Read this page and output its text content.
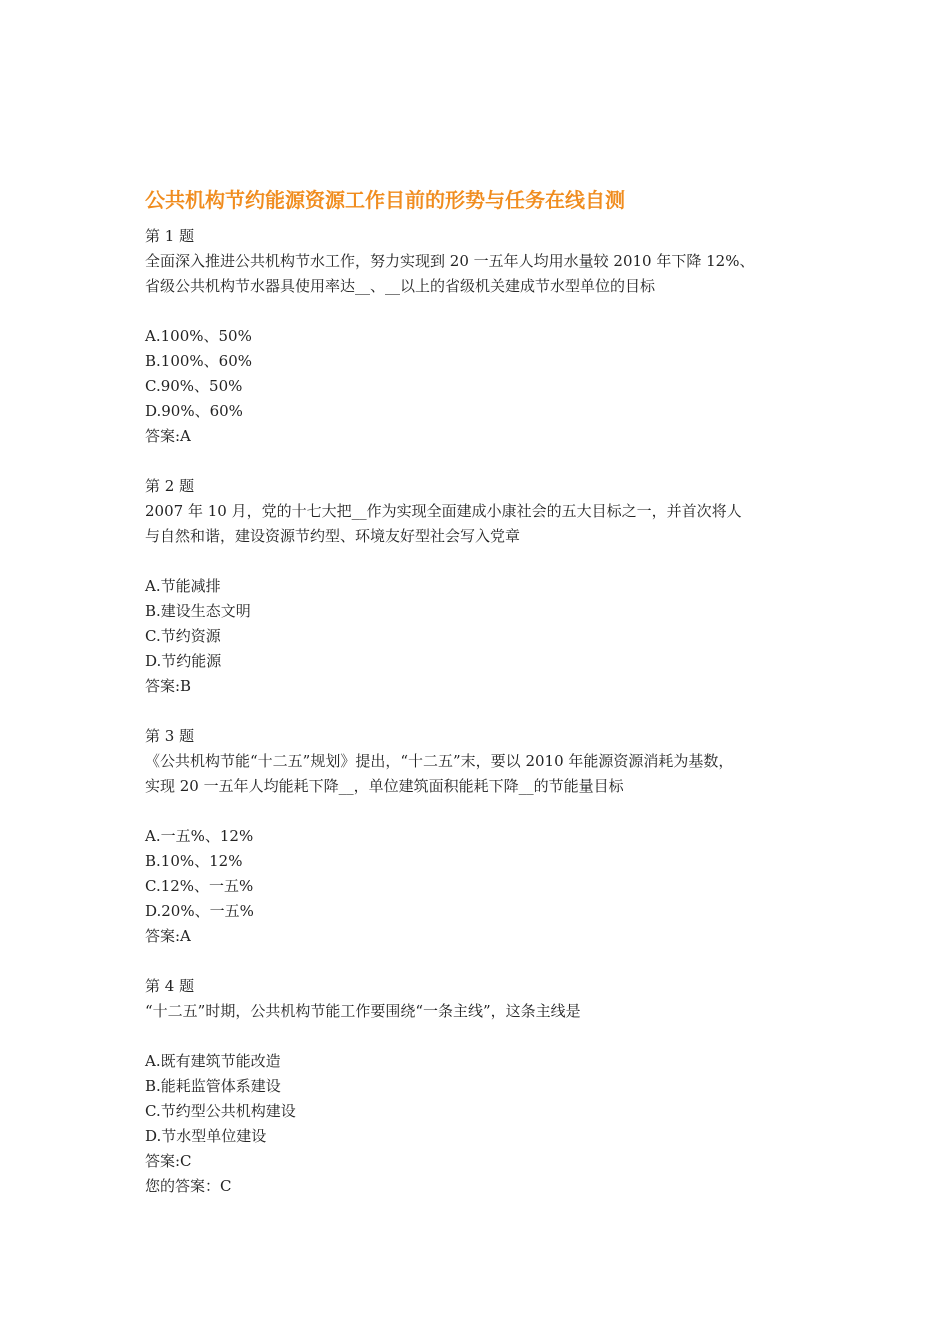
公共机构节约能源资源工作目前的形势与任务在线自测
第 1 题
全面深入推进公共机构节水工作，努力实现到 20 一五年人均用水量较 2010 年下降 12%、
省级公共机构节水器具使用率达__、__以上的省级机关建成节水型单位的目标
A.100%、50%
B.100%、60%
C.90%、50%
D.90%、60%
答案:A
第 2 题
2007 年 10 月，党的十七大把__作为实现全面建成小康社会的五大目标之一，并首次将人
与自然和谐，建设资源节约型、环境友好型社会写入党章
A.节能减排
B.建设生态文明
C.节约资源
D.节约能源
答案:B
第 3 题
《公共机构节能“十二五”规划》提出，“十二五”末，要以 2010 年能源资源消耗为基数，
实现 20 一五年人均能耗下降__，单位建筑面积能耗下降__的节能量目标
A.一五%、12%
B.10%、12%
C.12%、一五%
D.20%、一五%
答案:A
第 4 题
“十二五”时期，公共机构节能工作要围绕“一条主线”，这条主线是
A.既有建筑节能改造
B.能耗监管体系建设
C.节约型公共机构建设
D.节水型单位建设
答案:C
您的答案：C
